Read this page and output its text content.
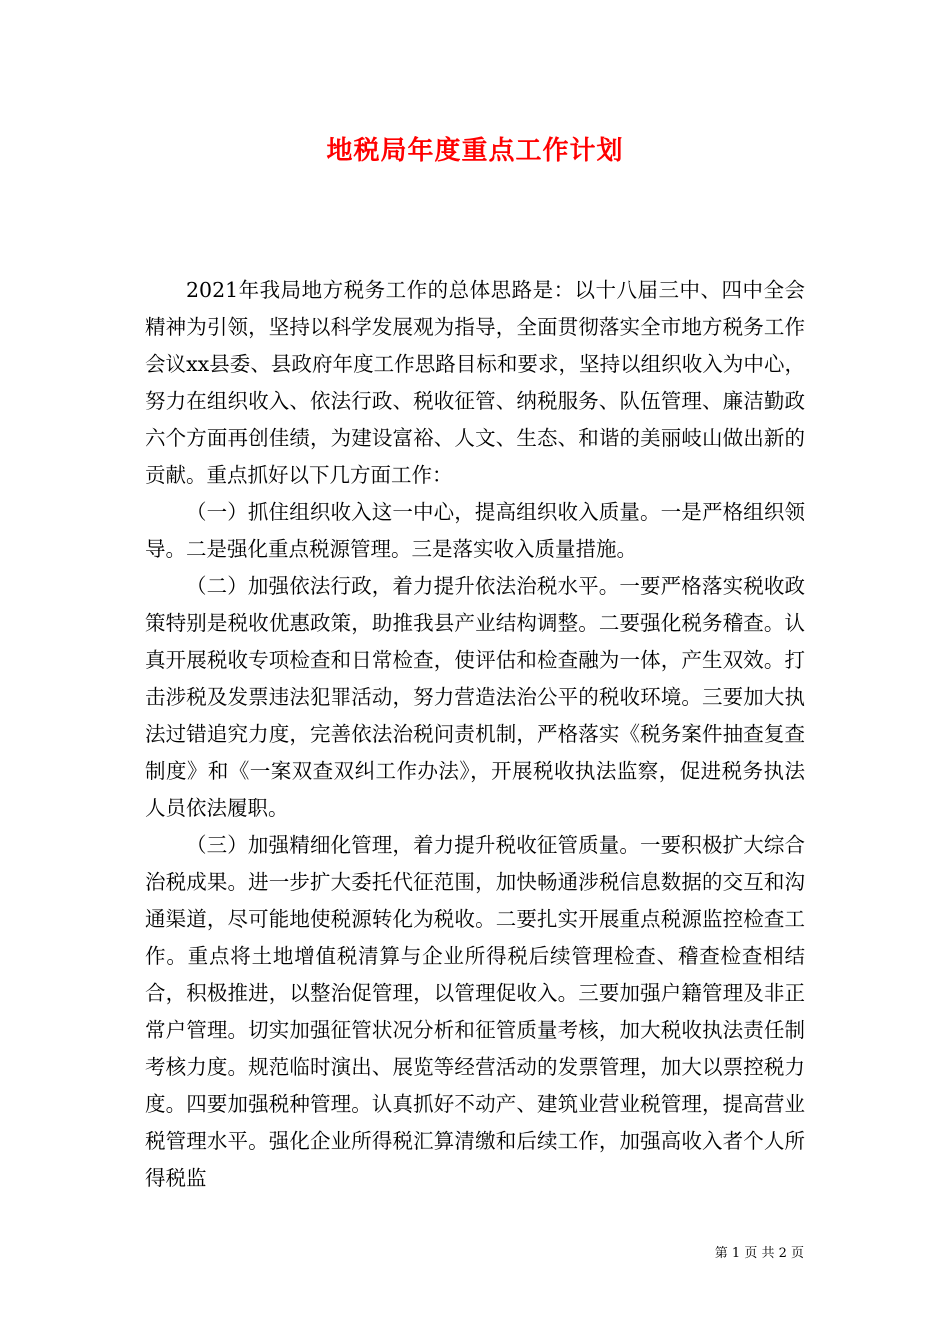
地税局年度重点工作计划

2021年我局地方税务工作的总体思路是：以十八届三中、四中全会精神为引领，坚持以科学发展观为指导，全面贯彻落实全市地方税务工作会议xx县委、县政府年度工作思路目标和要求，坚持以组织收入为中心，努力在组织收入、依法行政、税收征管、纳税服务、队伍管理、廉洁勤政六个方面再创佳绩，为建设富裕、人文、生态、和谐的美丽岐山做出新的贡献。重点抓好以下几方面工作：

（一）抓住组织收入这一中心，提高组织收入质量。一是严格组织领导。二是强化重点税源管理。三是落实收入质量措施。

（二）加强依法行政，着力提升依法治税水平。一要严格落实税收政策特别是税收优惠政策，助推我县产业结构调整。二要强化税务稽查。认真开展税收专项检查和日常检查，使评估和检查融为一体，产生双效。打击涉税及发票违法犯罪活动，努力营造法治公平的税收环境。三要加大执法过错追究力度，完善依法治税问责机制，严格落实《税务案件抽查复查制度》和《一案双查双纠工作办法》，开展税收执法监察，促进税务执法人员依法履职。

（三）加强精细化管理，着力提升税收征管质量。一要积极扩大综合治税成果。进一步扩大委托代征范围，加快畅通涉税信息数据的交互和沟通渠道，尽可能地使税源转化为税收。二要扎实开展重点税源监控检查工作。重点将土地增值税清算与企业所得税后续管理检查、稽查检查相结合，积极推进，以整治促管理，以管理促收入。三要加强户籍管理及非正常户管理。切实加强征管状况分析和征管质量考核，加大税收执法责任制考核力度。规范临时演出、展览等经营活动的发票管理，加大以票控税力度。四要加强税种管理。认真抓好不动产、建筑业营业税管理，提高营业税管理水平。强化企业所得税汇算清缴和后续工作，加强高收入者个人所得税监

第 1 页 共 2 页
